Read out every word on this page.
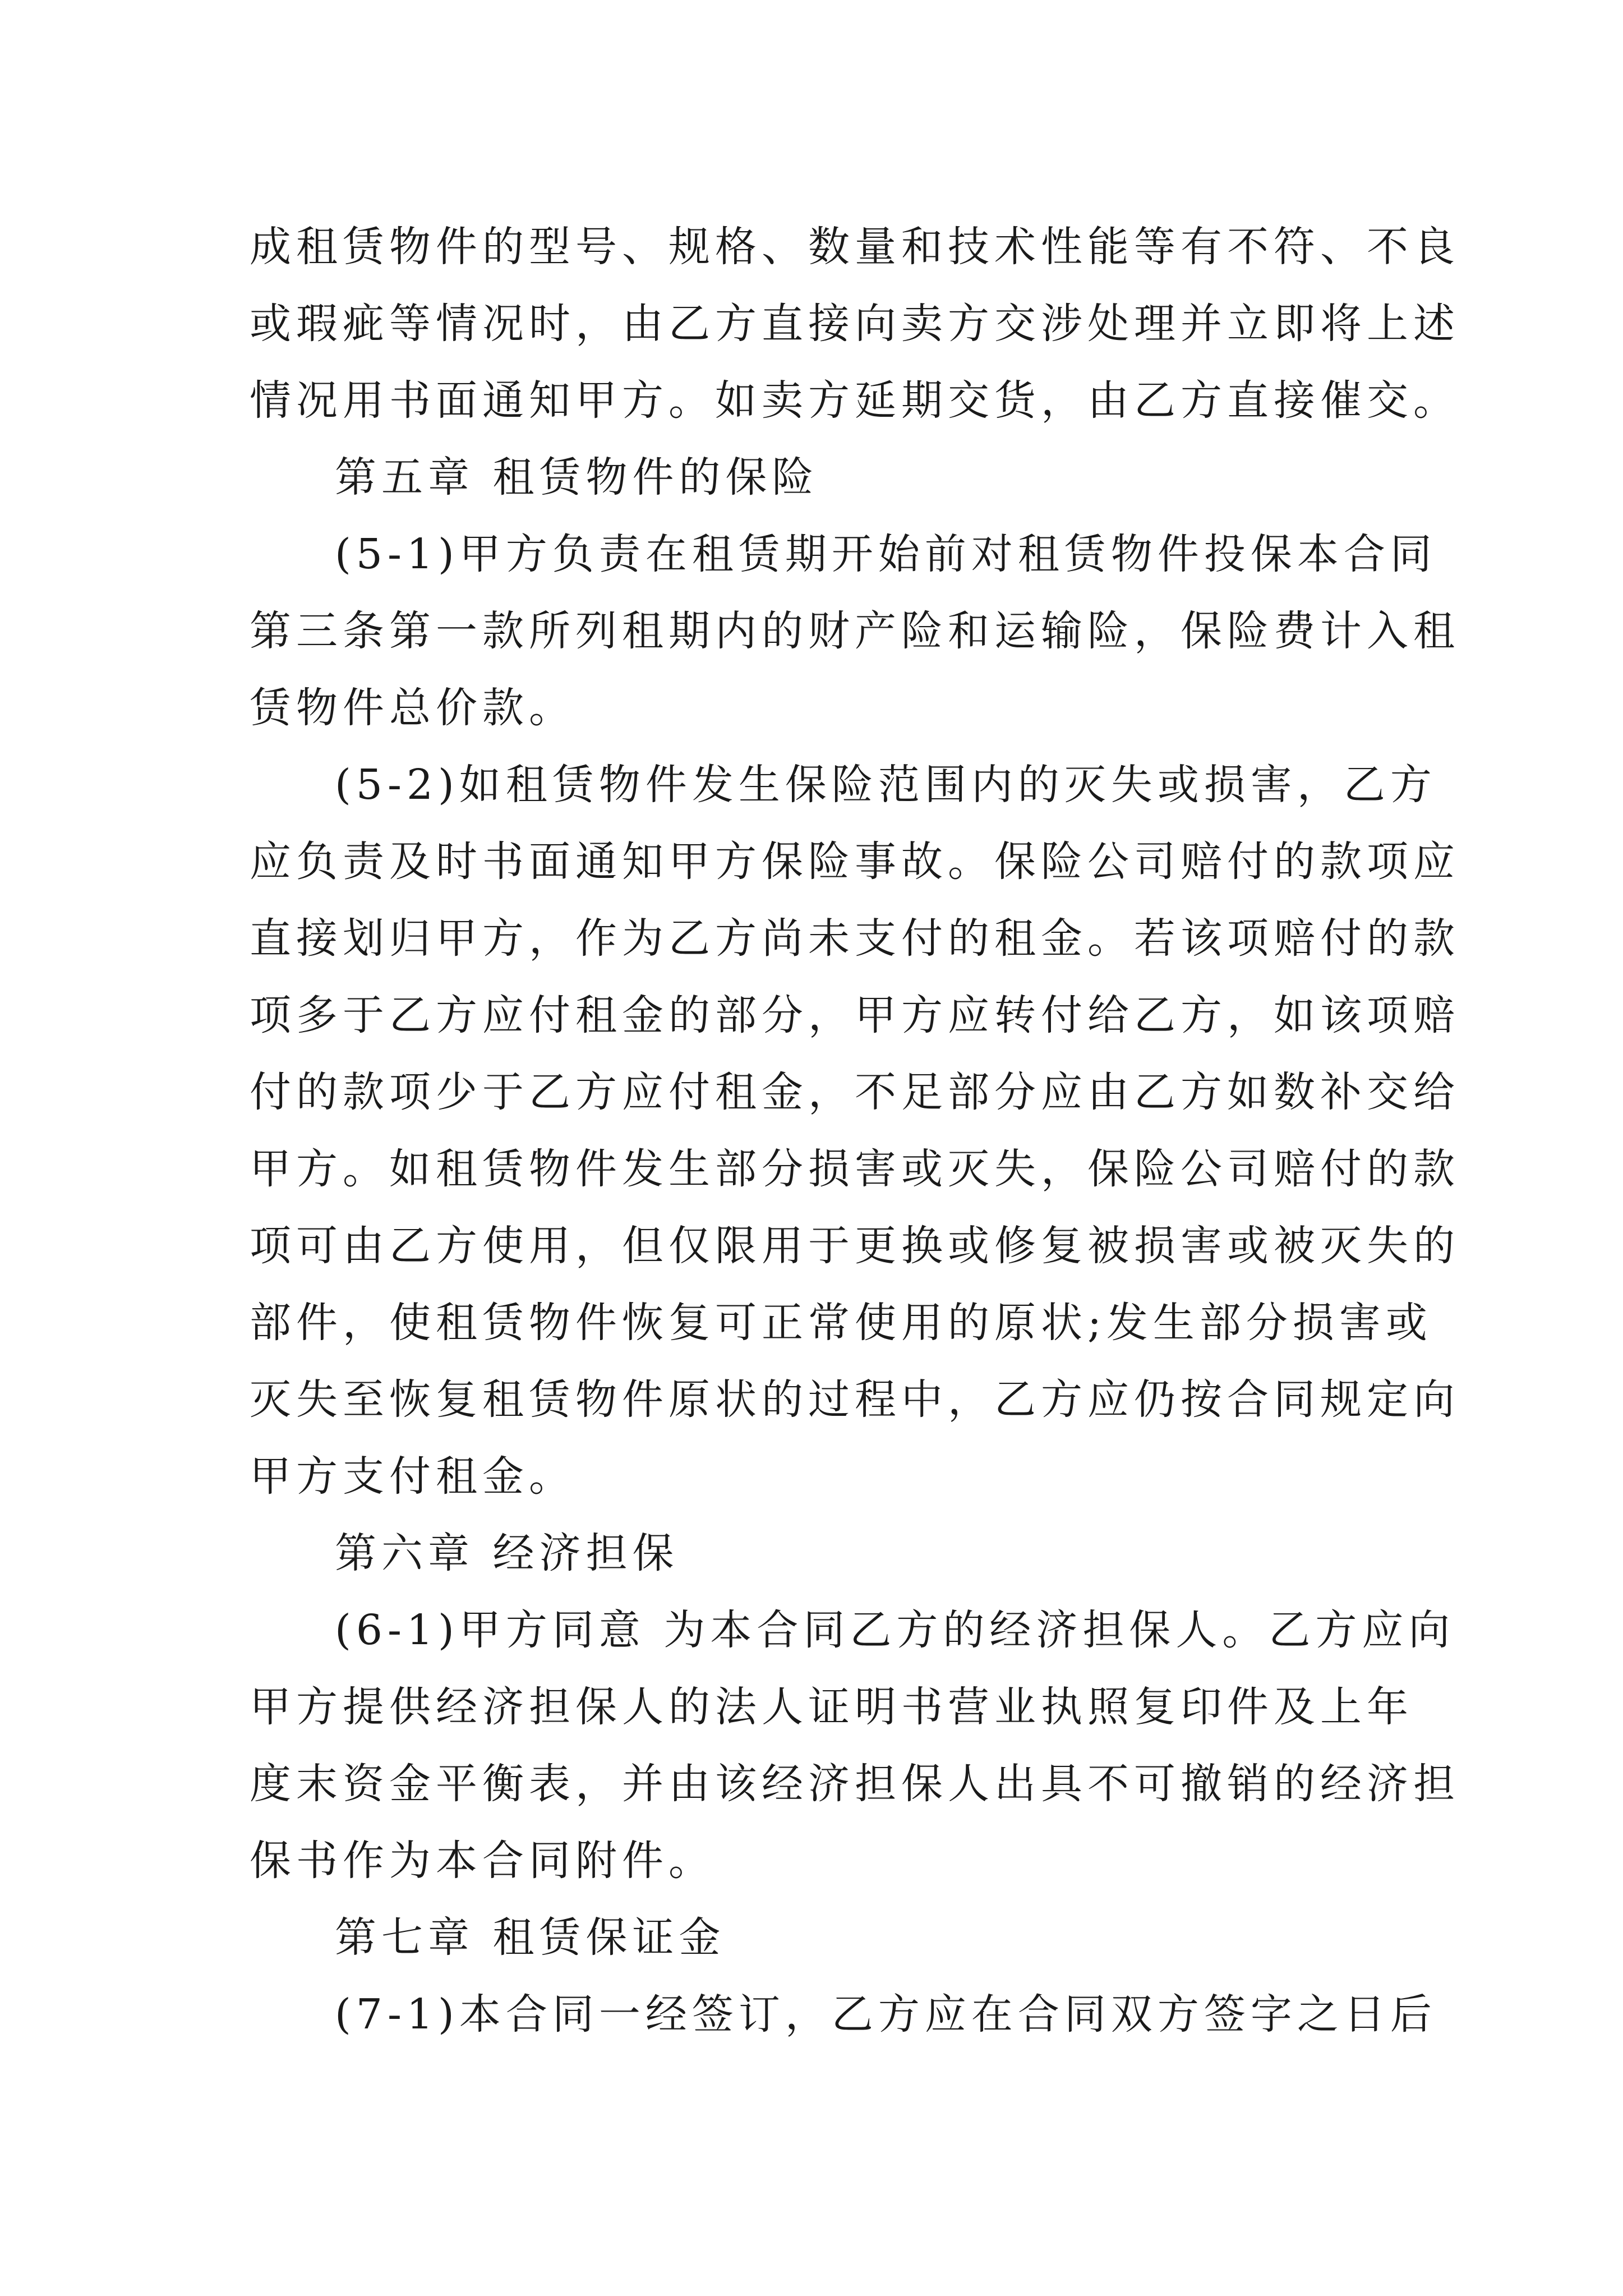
成租赁物件的型号、规格、数量和技术性能等有不符、不良
或瑕疵等情况时，由乙方直接向卖方交涉处理并立即将上述
情况用书面通知甲方。如卖方延期交货，由乙方直接催交。
第五章 租赁物件的保险
(5-1)甲方负责在租赁期开始前对租赁物件投保本合同
第三条第一款所列租期内的财产险和运输险，保险费计入租
赁物件总价款。
(5-2)如租赁物件发生保险范围内的灭失或损害，乙方
应负责及时书面通知甲方保险事故。保险公司赔付的款项应
直接划归甲方，作为乙方尚未支付的租金。若该项赔付的款
项多于乙方应付租金的部分，甲方应转付给乙方，如该项赔
付的款项少于乙方应付租金，不足部分应由乙方如数补交给
甲方。如租赁物件发生部分损害或灭失，保险公司赔付的款
项可由乙方使用，但仅限用于更换或修复被损害或被灭失的
部件，使租赁物件恢复可正常使用的原状;发生部分损害或
灭失至恢复租赁物件原状的过程中，乙方应仍按合同规定向
甲方支付租金。
第六章 经济担保
(6-1)甲方同意 为本合同乙方的经济担保人。乙方应向
甲方提供经济担保人的法人证明书营业执照复印件及上年
度末资金平衡表，并由该经济担保人出具不可撤销的经济担
保书作为本合同附件。
第七章 租赁保证金
(7-1)本合同一经签订，乙方应在合同双方签字之日后
